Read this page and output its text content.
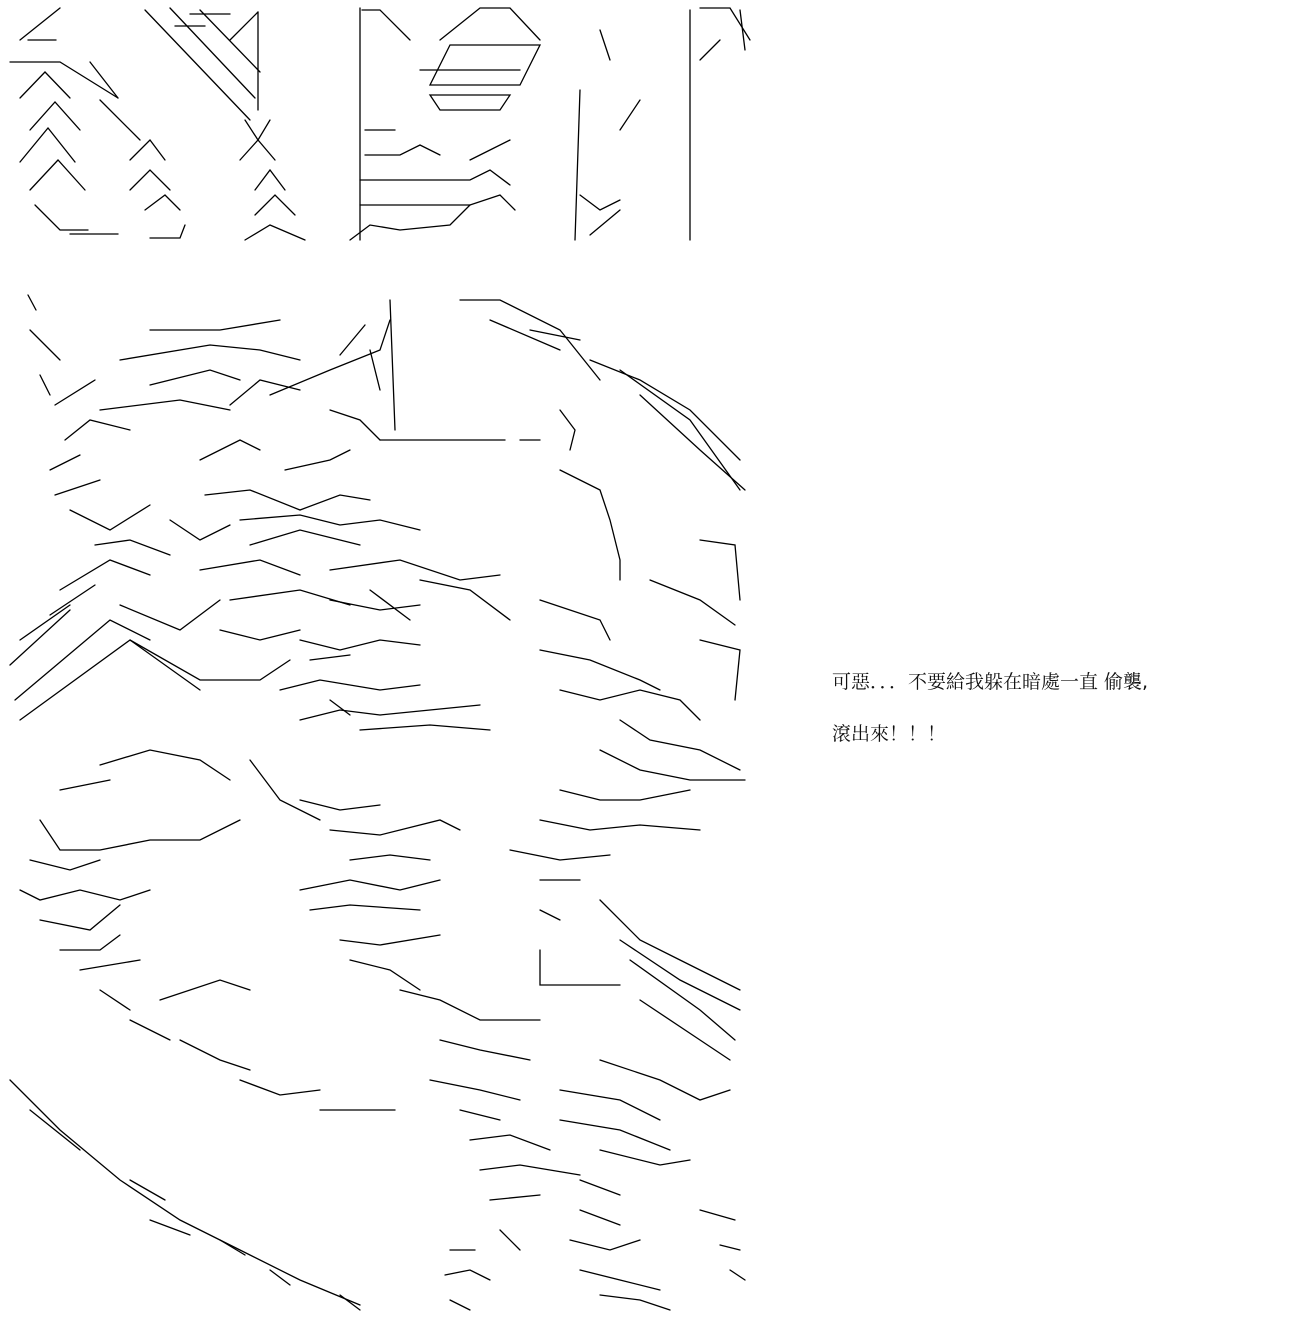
可惡．．．不要給我躲在暗處一直 偷襲,
滾出來！！！
